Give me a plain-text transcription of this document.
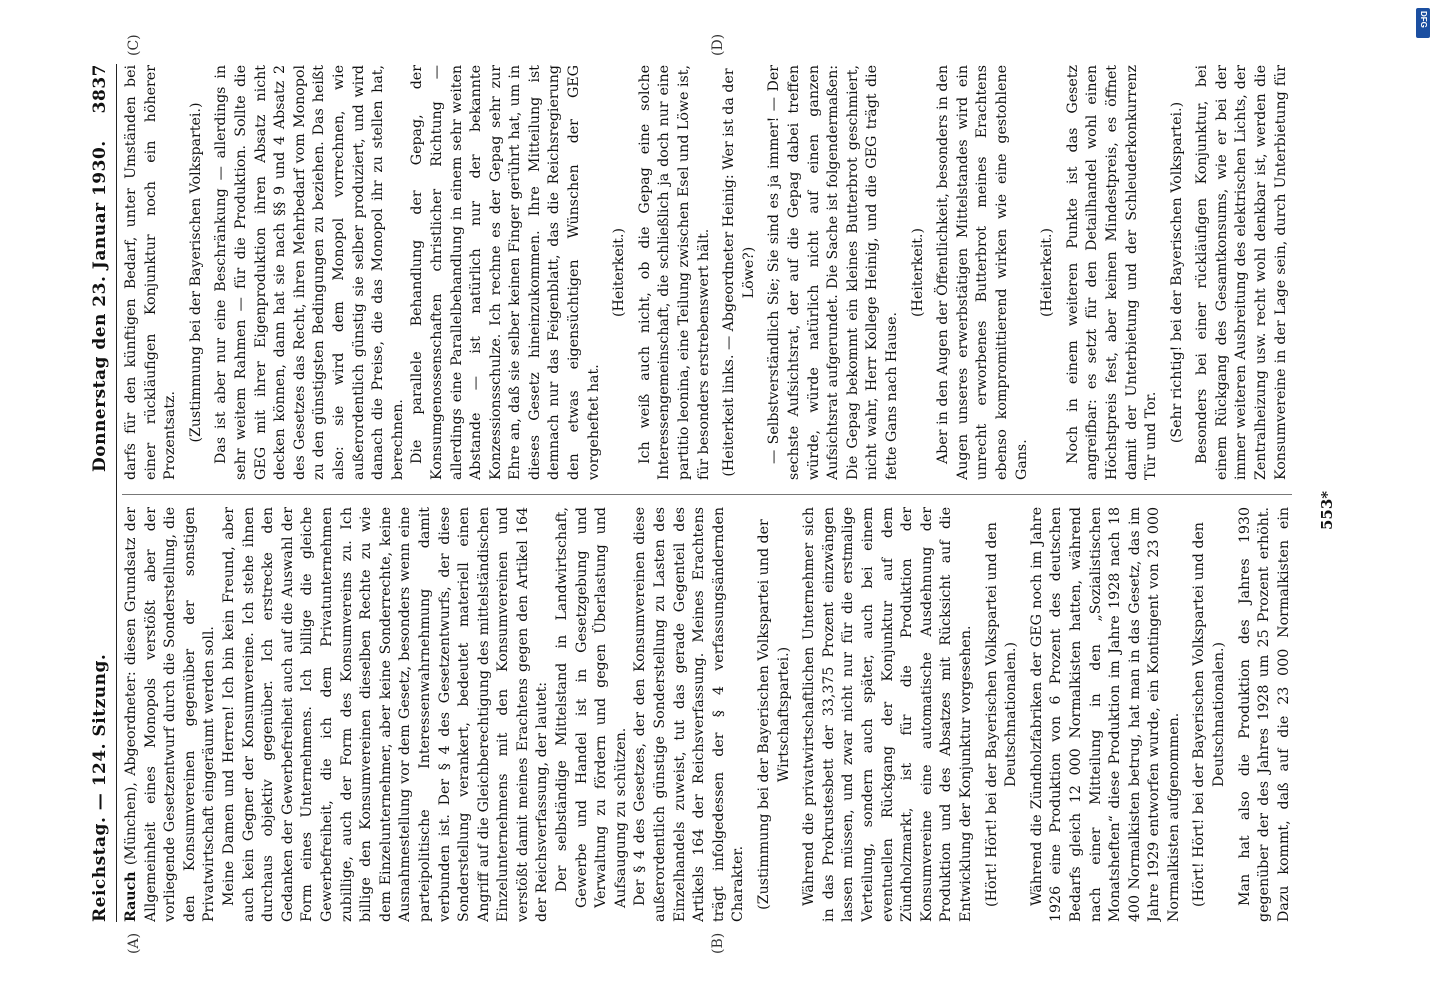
Reichstag. — 124. Sitzung.
Donnerstag den 23. Januar 1930.
3837
(A)	(B)
(C)	(D)

Rauch (München), Abgeordneter: diesen Grundsatz der Allgemeinheit eines Monopols verstößt aber der vorliegende Gesetzentwurf durch die Sonderstellung, die den Konsumvereinen gegenüber der sonstigen Privatwirtschaft eingeräumt werden soll. Meine Damen und Herren! Ich bin kein Freund, aber auch kein Gegner der Konsumvereine. Ich stehe ihnen durchaus objektiv gegenüber. Ich erstrecke den Gedanken der Gewerbefreiheit auch auf die Auswahl der Form eines Unternehmens. Ich billige die gleiche Gewerbefreiheit, die ich dem Privatunternehmen zubillige, auch der Form des Konsumvereins zu. Ich billige den Konsumvereinen dieselben Rechte zu wie dem Einzelunternehmer, aber keine Sonderrechte, keine Ausnahmestellung vor dem Gesetz, besonders wenn eine parteipolitische Interessenwahrnehmung damit verbunden ist. Der § 4 des Gesetzentwurfs, der diese Sonderstellung verankert, bedeutet materiell einen Angriff auf die Gleichberechtigung des mittelständischen Einzelunternehmens mit den Konsumvereinen und verstößt damit meines Erachtens gegen den Artikel 164 der Reichsverfassung, der lautet: Der selbständige Mittelstand in Landwirtschaft, Gewerbe und Handel ist in Gesetzgebung und Verwaltung zu fördern und gegen Überlastung und Aufsaugung zu schützen. Der § 4 des Gesetzes, der den Konsumvereinen diese außerordentlich günstige Sonderstellung zu Lasten des Einzelhandels zuweist, tut das gerade Gegenteil des Artikels 164 der Reichsverfassung. Meines Erachtens trägt infolgedessen der § 4 verfassungsändernden Charakter. (Zustimmung bei der Bayerischen Volkspartei und der Wirtschaftspartei.) Während die privatwirtschaftlichen Unternehmer sich in das Prokrustesbett der 33,375 Prozent einzwängen lassen müssen, und zwar nicht nur für die erstmalige Verteilung, sondern auch später, auch bei einem eventuellen Rückgang der Konjunktur auf dem Zündholzmarkt, ist für die Produktion der Konsumvereine eine automatische Ausdehnung der Produktion und des Absatzes mit Rücksicht auf die Entwicklung der Konjunktur vorgesehen. (Hört! Hört! bei der Bayerischen Volkspartei und den Deutschnationalen.) Während die Zündholzfabriken der GEG noch im Jahre 1926 eine Produktion von 6 Prozent des deutschen Bedarfs gleich 12 000 Normalkisten hatten, während nach einer Mitteilung in den „Sozialistischen Monatsheften“ diese Produktion im Jahre 1928 nach 18 400 Normalkisten betrug, hat man in das Gesetz, das im Jahre 1929 entworfen wurde, ein Kontingent von 23 000 Normalkisten aufgenommen. (Hört! Hört! bei der Bayerischen Volkspartei und den Deutschnationalen.)

Man hat also die Produktion des Jahres 1930 gegenüber der des Jahres 1928 um 25 Prozent erhöht. Dazu kommt, daß auf die 23 000 Normalkisten ein

darfs für den künftigen Bedarf, unter Umständen bei einer rückläufigen Konjunktur noch ein höherer Prozentsatz. (Zustimmung bei der Bayerischen Volkspartei.) Das ist aber nur eine Beschränkung — allerdings in sehr weitem Rahmen — für die Produktion. Sollte die GEG mit ihrer Eigenproduktion ihren Absatz nicht decken können, dann hat sie nach §§ 9 und 4 Absatz 2 des Gesetzes das Recht, ihren Mehrbedarf vom Monopol zu den günstigsten Bedingungen zu beziehen. Das heißt also: sie wird dem Monopol vorrechnen, wie außerordentlich günstig sie selber produziert, und wird danach die Preise, die das Monopol ihr zu stellen hat, berechnen. Die parallele Behandlung der Gepag, der Konsumgenossenschaften christlicher Richtung — allerdings eine Parallelbehandlung in einem sehr weiten Abstande — ist natürlich nur der bekannte Konzessionsschulze. Ich rechne es der Gepag sehr zur Ehre an, daß sie selber keinen Finger gerührt hat, um in dieses Gesetz hineinzukommen. Ihre Mitteilung ist demnach nur das Feigenblatt, das die Reichsregierung den etwas eigensüchtigen Wünschen der GEG vorgeheftet hat.

(Heiterkeit.) Ich weiß auch nicht, ob die Gepag eine solche Interessengemeinschaft, die schließlich ja doch nur eine partitio leonina, eine Teilung zwischen Esel und Löwe ist, für besonders erstrebenswert hält. (Heiterkeit links. — Abgeordneter Heinig: Wer ist da der Löwe?) — Selbstverständlich Sie; Sie sind es ja immer! — Der sechste Aufsichtsrat, der auf die Gepag dabei treffen würde, würde natürlich nicht auf einen ganzen Aufsichtsrat aufgerundet. Die Sache ist folgendermaßen: Die Gepag bekommt ein kleines Butterbrot geschmiert, nicht wahr, Herr Kollege Heinig, und die GEG trägt die fette Gans nach Hause.

(Heiterkeit.) Aber in den Augen der Öffentlichkeit, besonders in den Augen unseres erwerbstätigen Mittelstandes wird ein unrecht erworbenes Butterbrot meines Erachtens ebenso kompromittierend wirken wie eine gestohlene Gans.

(Heiterkeit.) Noch in einem weiteren Punkte ist das Gesetz angreifbar: es setzt für den Detailhandel wohl einen Höchstpreis fest, aber keinen Mindestpreis, es öffnet damit der Unterbietung und der Schleuderkonkurrenz Tür und Tor. (Sehr richtig! bei der Bayerischen Volkspartei.) Besonders bei einer rückläufigen Konjunktur, bei einem Rückgang des Gesamtkonsums, wie er bei der immer weiteren Ausbreitung des elektrischen Lichts, der Zentralheizung usw. recht wohl denkbar ist, werden die Konsumvereine in der Lage sein, durch Unterbietung für

553*
DFG
